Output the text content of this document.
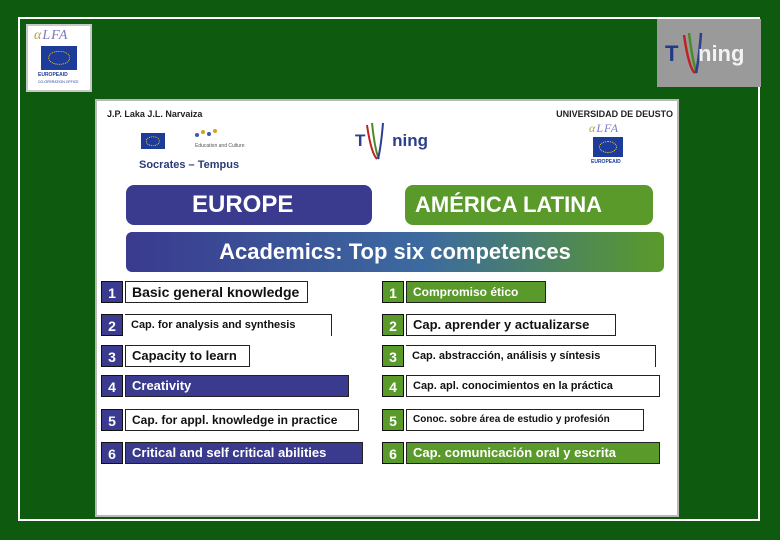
αLFA
EUROPEAID
CO-OPERATION OFFICE
T ning
J.P. Laka J.L. Narvaiza	UNIVERSIDAD DE DEUSTO
Education and Culture
Socrates – Tempus
T ning
αLFA
EUROPEAID
EUROPE	AMÉRICA LATINA
Academics: Top six competences
1	Basic general knowledge
2	Cap. for analysis and synthesis
3	Capacity to learn
4	Creativity
5	Cap. for appl. knowledge in practice
6	Critical and self critical abilities
1	Compromiso ético
2	Cap. aprender y actualizarse
3	Cap. abstracción, análisis y síntesis
4	Cap. apl. conocimientos en la práctica
5	Conoc. sobre área de estudio y profesión
6	Cap. comunicación oral y escrita
